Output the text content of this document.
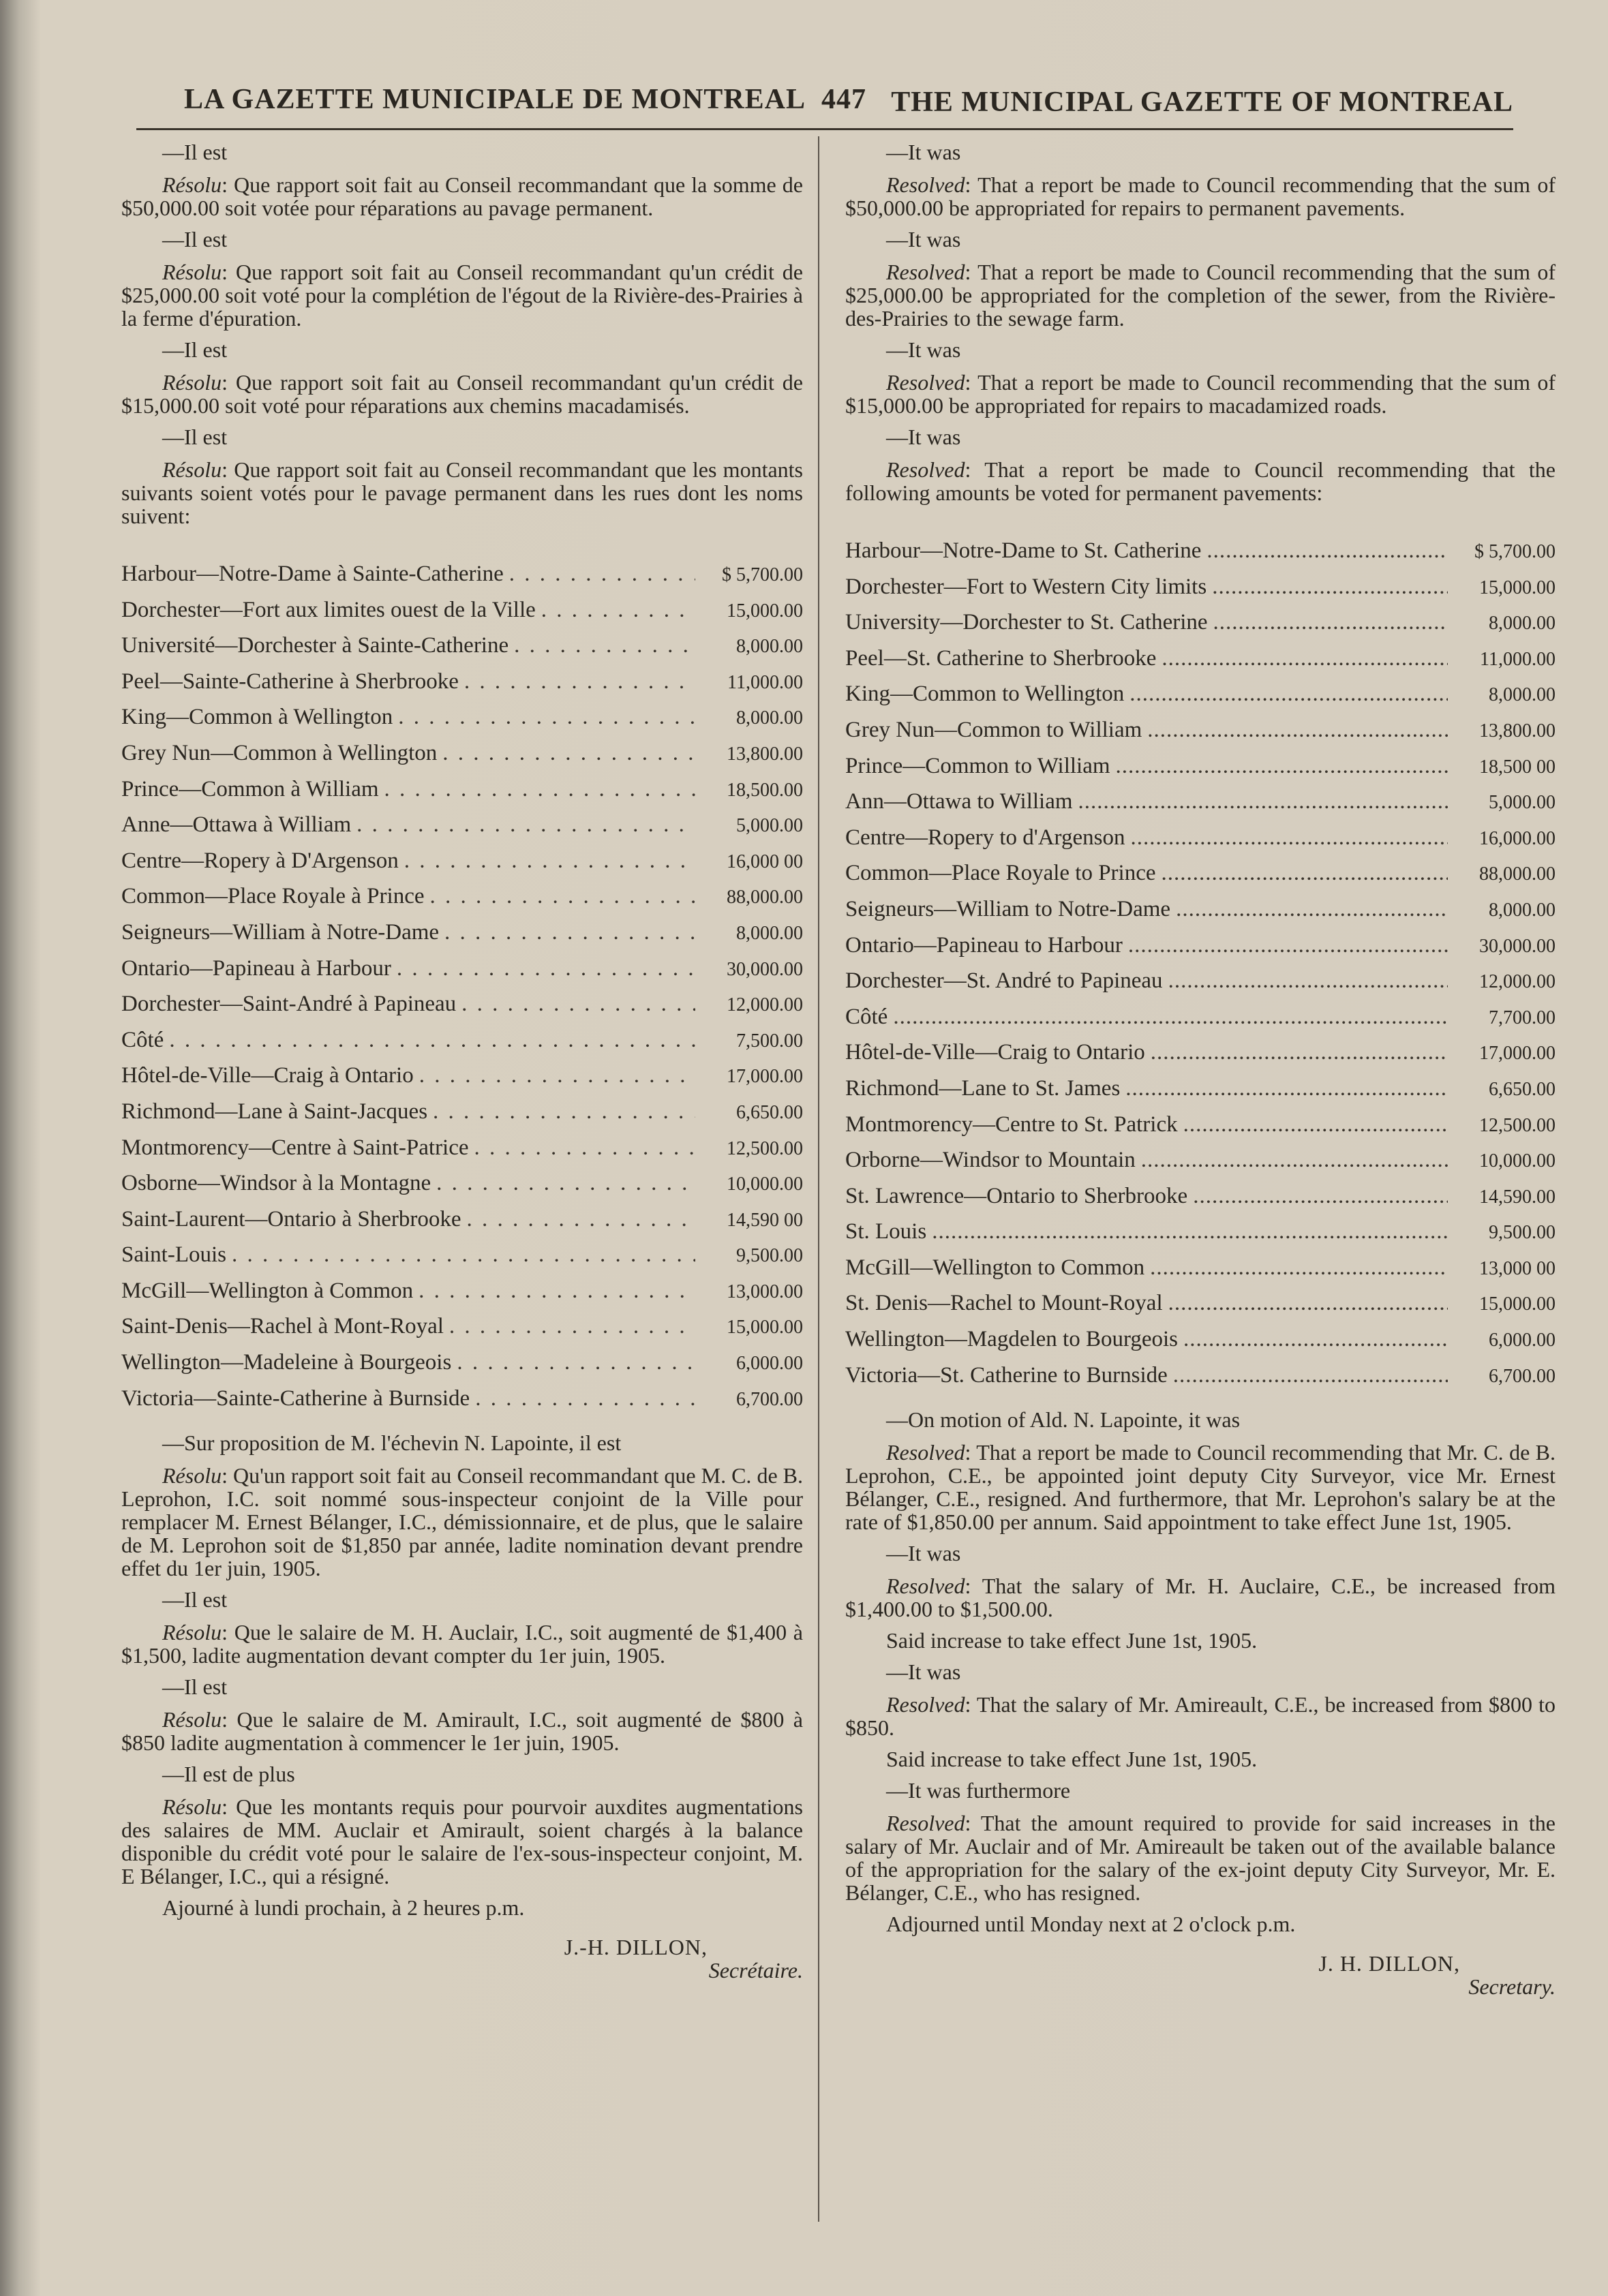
LA GAZETTE MUNICIPALE DE MONTREAL 447 THE MUNICIPAL GAZETTE OF MONTREAL
—Il est

Résolu: Que rapport soit fait au Conseil recommandant que la somme de $50,000.00 soit votée pour réparations au pavage permanent.

—Il est

Résolu: Que rapport soit fait au Conseil recommandant qu'un crédit de $25,000.00 soit voté pour la complétion de l'égout de la Rivière-des-Prairies à la ferme d'épuration.

—Il est

Résolu: Que rapport soit fait au Conseil recommandant qu'un crédit de $15,000.00 soit voté pour réparations aux chemins macadamisés.

—Il est

Résolu: Que rapport soit fait au Conseil recommandant que les montants suivants soient votés pour le pavage permanent dans les rues dont les noms suivent:

Harbour—Notre-Dame à Sainte-Catherine . . .	$ 5,700.00
Dorchester—Fort aux limites ouest de la Ville . . .	15,000.00
Université—Dorchester à Sainte-Catherine . . .	8,000.00
Peel—Sainte-Catherine à Sherbrooke . . .	11,000.00
King—Common à Wellington . . .	8,000.00
Grey Nun—Common à Wellington . . .	13,800.00
Prince—Common à William . . .	18,500.00
Anne—Ottawa à William . . .	5,000.00
Centre—Ropery à D'Argenson . . .	16,000 00
Common—Place Royale à Prince . . .	88,000.00
Seigneurs—William à Notre-Dame . . .	8,000.00
Ontario—Papineau à Harbour . . .	30,000.00
Dorchester—Saint-André à Papineau . . .	12,000.00
Côté . . .	7,500.00
Hôtel-de-Ville—Craig à Ontario . . .	17,000.00
Richmond—Lane à Saint-Jacques . . .	6,650.00
Montmorency—Centre à Saint-Patrice . . .	12,500.00
Osborne—Windsor à la Montagne . . .	10,000.00
Saint-Laurent—Ontario à Sherbrooke . . .	14,590 00
Saint-Louis . . .	9,500.00
McGill—Wellington à Common . . .	13,000.00
Saint-Denis—Rachel à Mont-Royal . . .	15,000.00
Wellington—Madeleine à Bourgeois . . .	6,000.00
Victoria—Sainte-Catherine à Burnside . . .	6,700.00
—Sur proposition de M. l'échevin N. Lapointe, il est

Résolu: Qu'un rapport soit fait au Conseil recommandant que M. C. de B. Leprohon, I.C. soit nommé sous-inspecteur conjoint de la Ville pour remplacer M. Ernest Bélanger, I.C., démissionnaire, et de plus, que le salaire de M. Leprohon soit de $1,850 par année, ladite nomination devant prendre effet du 1er juin, 1905.

—Il est

Résolu: Que le salaire de M. H. Auclair, I.C., soit augmenté de $1,400 à $1,500, ladite augmentation devant compter du 1er juin, 1905.

—Il est

Résolu: Que le salaire de M. Amirault, I.C., soit augmenté de $800 à $850 ladite augmentation à commencer le 1er juin, 1905.

—Il est de plus

Résolu: Que les montants requis pour pourvoir auxdites augmentations des salaires de MM. Auclair et Amirault, soient chargés à la balance disponible du crédit voté pour le salaire de l'ex-sous-inspecteur conjoint, M. E Bélanger, I.C., qui a résigné.

Ajourné à lundi prochain, à 2 heures p.m.

J.-H. DILLON,
Secrétaire.
—It was

Resolved: That a report be made to Council recommending that the sum of $50,000.00 be appropriated for repairs to permanent pavements.

—It was

Resolved: That a report be made to Council recommending that the sum of $25,000.00 be appropriated for the completion of the sewer, from the Rivière-des-Prairies to the sewage farm.

—It was

Resolved: That a report be made to Council recommending that the sum of $15,000.00 be appropriated for repairs to macadamized roads.

—It was

Resolved: That a report be made to Council recommending that the following amounts be voted for permanent pavements:

Harbour—Notre-Dame to St. Catherine .....	$ 5,700.00
Dorchester—Fort to Western City limits .....	15,000.00
University—Dorchester to St. Catherine .....	8,000.00
Peel—St. Catherine to Sherbrooke .....	11,000.00
King—Common to Wellington .....	8,000.00
Grey Nun—Common to William .....	13,800.00
Prince—Common to William .....	18,500 00
Ann—Ottawa to William .....	5,000.00
Centre—Ropery to d'Argenson .....	16,000.00
Common—Place Royale to Prince .....	88,000.00
Seigneurs—William to Notre-Dame .....	8,000.00
Ontario—Papineau to Harbour .....	30,000.00
Dorchester—St. André to Papineau .....	12,000.00
Côté .....	7,700.00
Hôtel-de-Ville—Craig to Ontario .....	17,000.00
Richmond—Lane to St. James .....	6,650.00
Montmorency—Centre to St. Patrick .....	12,500.00
Orborne—Windsor to Mountain .....	10,000.00
St. Lawrence—Ontario to Sherbrooke .....	14,590.00
St. Louis .....	9,500.00
McGill—Wellington to Common .....	13,000 00
St. Denis—Rachel to Mount-Royal .....	15,000.00
Wellington—Magdelen to Bourgeois .....	6,000.00
Victoria—St. Catherine to Burnside .....	6,700.00
—On motion of Ald. N. Lapointe, it was

Resolved: That a report be made to Council recommending that Mr. C. de B. Leprohon, C.E., be appointed joint deputy City Surveyor, vice Mr. Ernest Bélanger, C.E., resigned. And furthermore, that Mr. Leprohon's salary be at the rate of $1,850.00 per annum. Said appointment to take effect June 1st, 1905.

—It was

Resolved: That the salary of Mr. H. Auclaire, C.E., be increased from $1,400.00 to $1,500.00.

Said increase to take effect June 1st, 1905.

—It was

Resolved: That the salary of Mr. Amireault, C.E., be increased from $800 to $850.

Said increase to take effect June 1st, 1905.

—It was furthermore

Resolved: That the amount required to provide for said increases in the salary of Mr. Auclair and of Mr. Amireault be taken out of the available balance of the appropriation for the salary of the ex-joint deputy City Surveyor, Mr. E. Bélanger, C.E., who has resigned.

Adjourned until Monday next at 2 o'clock p.m.

J. H. DILLON,
Secretary.
